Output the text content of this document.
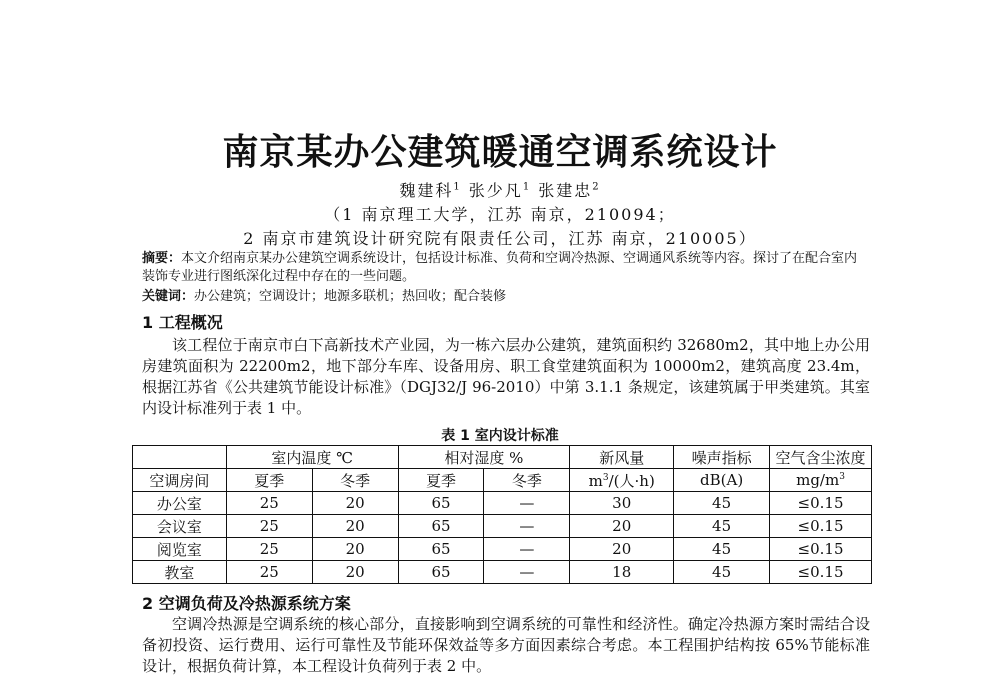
南京某办公建筑暖通空调系统设计
魏建科$^1$ 张少凡$^1$ 张建忠$^2$
（1 南京理工大学，江苏 南京，210094；
2 南京市建筑设计研究院有限责任公司，江苏 南京，210005）
摘要：本文介绍南京某办公建筑空调系统设计，包括设计标准、负荷和空调冷热源、空调通风系统等内容。探讨了在配合室内装饰专业进行图纸深化过程中存在的一些问题。
关键词：办公建筑；空调设计；地源多联机；热回收；配合装修
1 工程概况
该工程位于南京市白下高新技术产业园，为一栋六层办公建筑，建筑面积约 32680m2，其中地上办公用房建筑面积为 22200m2，地下部分车库、设备用房、职工食堂建筑面积为 10000m2，建筑高度 23.4m，根据江苏省《公共建筑节能设计标准》（DGJ32/J 96-2010）中第 3.1.1 条规定，该建筑属于甲类建筑。其室内设计标准列于表 1 中。
表 1 室内设计标准
	室内温度 ℃		相对湿度 %		新风量	噪声指标	空气含尘浓度
空调房间	夏季	冬季	夏季	冬季	$m^3/$(人·h)	dB(A)	$mg/m^3$
办公室	25	20	65	—	30	45	≤0.15
会议室	25	20	65	—	20	45	≤0.15
阅览室	25	20	65	—	20	45	≤0.15
教室	25	20	65	—	18	45	≤0.15
2 空调负荷及冷热源系统方案
空调冷热源是空调系统的核心部分，直接影响到空调系统的可靠性和经济性。确定冷热源方案时需结合设备初投资、运行费用、运行可靠性及节能环保效益等多方面因素综合考虑。本工程围护结构按 65%节能标准设计，根据负荷计算，本工程设计负荷列于表 2 中。
